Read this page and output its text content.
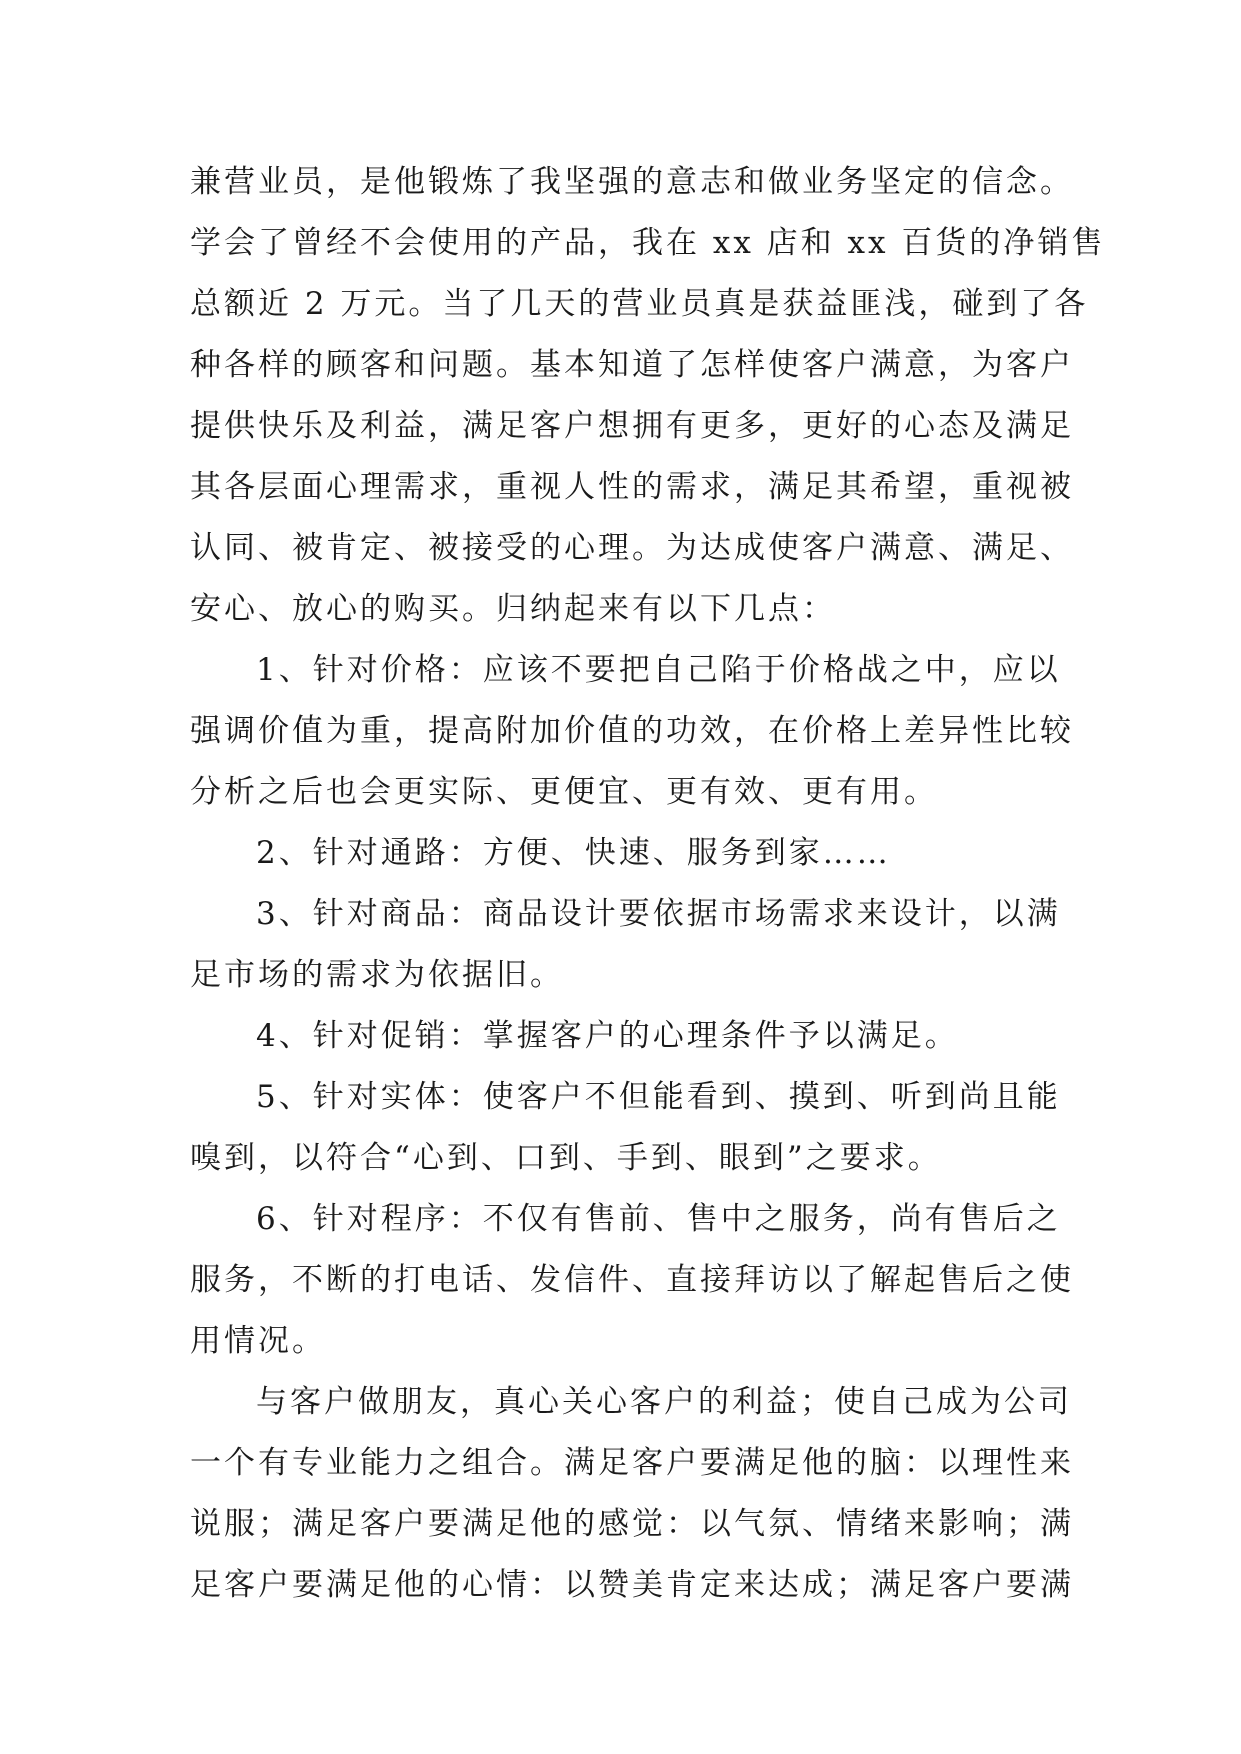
兼营业员，是他锻炼了我坚强的意志和做业务坚定的信念。
学会了曾经不会使用的产品，我在 xx 店和 xx 百货的净销售
总额近 2 万元。当了几天的营业员真是获益匪浅，碰到了各
种各样的顾客和问题。基本知道了怎样使客户满意，为客户
提供快乐及利益，满足客户想拥有更多，更好的心态及满足
其各层面心理需求，重视人性的需求，满足其希望，重视被
认同、被肯定、被接受的心理。为达成使客户满意、满足、
安心、放心的购买。归纳起来有以下几点：
1、针对价格：应该不要把自己陷于价格战之中，应以
强调价值为重，提高附加价值的功效，在价格上差异性比较
分析之后也会更实际、更便宜、更有效、更有用。
2、针对通路：方便、快速、服务到家……
3、针对商品：商品设计要依据市场需求来设计，以满
足市场的需求为依据旧。
4、针对促销：掌握客户的心理条件予以满足。
5、针对实体：使客户不但能看到、摸到、听到尚且能
嗅到，以符合“心到、口到、手到、眼到”之要求。
6、针对程序：不仅有售前、售中之服务，尚有售后之
服务，不断的打电话、发信件、直接拜访以了解起售后之使
用情况。
与客户做朋友，真心关心客户的利益；使自己成为公司
一个有专业能力之组合。满足客户要满足他的脑：以理性来
说服；满足客户要满足他的感觉：以气氛、情绪来影响；满
足客户要满足他的心情：以赞美肯定来达成；满足客户要满
